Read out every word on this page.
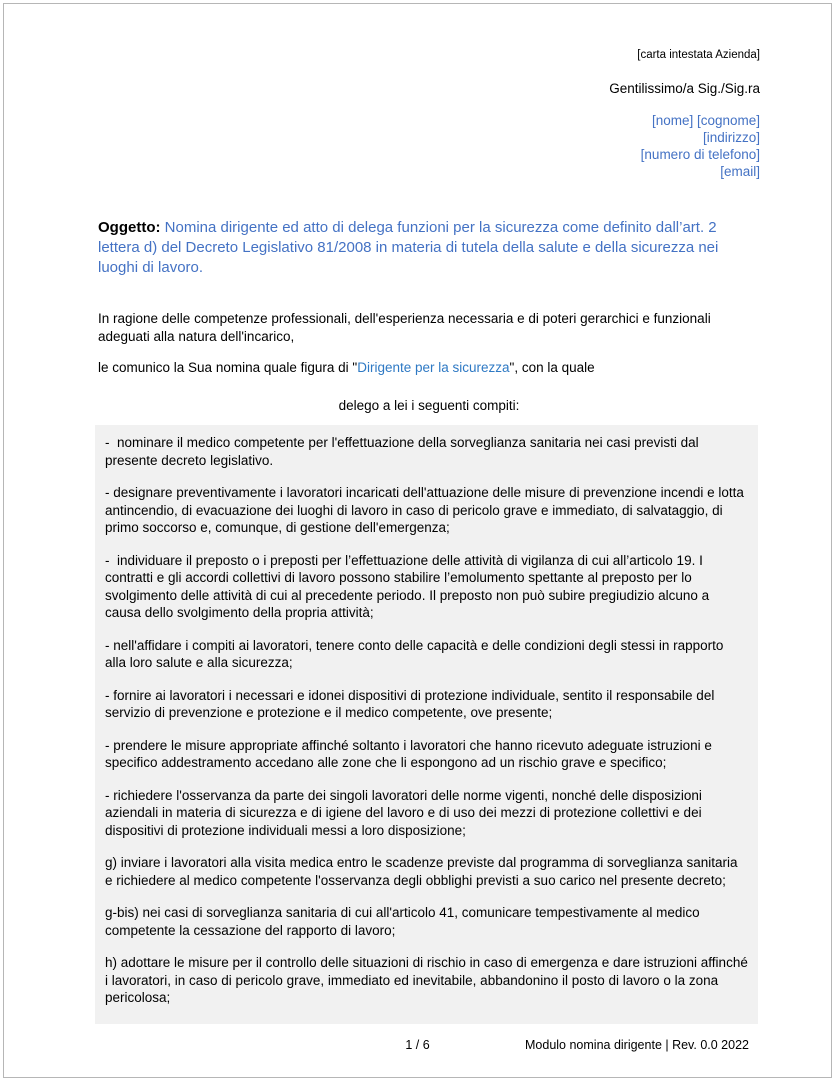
[carta intestata Azienda]
Gentilissimo/a Sig./Sig.ra
[nome] [cognome]
[indirizzo]
[numero di telefono]
[email]

Oggetto: Nomina dirigente ed atto di delega funzioni per la sicurezza come definito dall’art. 2 lettera d) del Decreto Legislativo 81/2008 in materia di tutela della salute e della sicurezza nei luoghi di lavoro.

In ragione delle competenze professionali, dell'esperienza necessaria e di poteri gerarchici e funzionali adeguati alla natura dell'incarico,

le comunico la Sua nomina quale figura di "Dirigente per la sicurezza", con la quale

delego a lei i seguenti compiti:

-  nominare il medico competente per l'effettuazione della sorveglianza sanitaria nei casi previsti dal presente decreto legislativo.

- designare preventivamente i lavoratori incaricati dell'attuazione delle misure di prevenzione incendi e lotta antincendio, di evacuazione dei luoghi di lavoro in caso di pericolo grave e immediato, di salvataggio, di primo soccorso e, comunque, di gestione dell'emergenza;

-  individuare il preposto o i preposti per l’effettuazione delle attività di vigilanza di cui all’articolo 19. I contratti e gli accordi collettivi di lavoro possono stabilire l’emolumento spettante al preposto per lo svolgimento delle attività di cui al precedente periodo. Il preposto non può subire pregiudizio alcuno a causa dello svolgimento della propria attività;

- nell'affidare i compiti ai lavoratori, tenere conto delle capacità e delle condizioni degli stessi in rapporto alla loro salute e alla sicurezza;

- fornire ai lavoratori i necessari e idonei dispositivi di protezione individuale, sentito il responsabile del servizio di prevenzione e protezione e il medico competente, ove presente;

- prendere le misure appropriate affinché soltanto i lavoratori che hanno ricevuto adeguate istruzioni e specifico addestramento accedano alle zone che li espongono ad un rischio grave e specifico;

- richiedere l'osservanza da parte dei singoli lavoratori delle norme vigenti, nonché delle disposizioni aziendali in materia di sicurezza e di igiene del lavoro e di uso dei mezzi di protezione collettivi e dei dispositivi di protezione individuali messi a loro disposizione;

g) inviare i lavoratori alla visita medica entro le scadenze previste dal programma di sorveglianza sanitaria e richiedere al medico competente l'osservanza degli obblighi previsti a suo carico nel presente decreto;

g-bis) nei casi di sorveglianza sanitaria di cui all'articolo 41, comunicare tempestivamente al medico competente la cessazione del rapporto di lavoro;

h) adottare le misure per il controllo delle situazioni di rischio in caso di emergenza e dare istruzioni affinché i lavoratori, in caso di pericolo grave, immediato ed inevitabile, abbandonino il posto di lavoro o la zona pericolosa;

1 / 6	Modulo nomina dirigente | Rev. 0.0 2022
